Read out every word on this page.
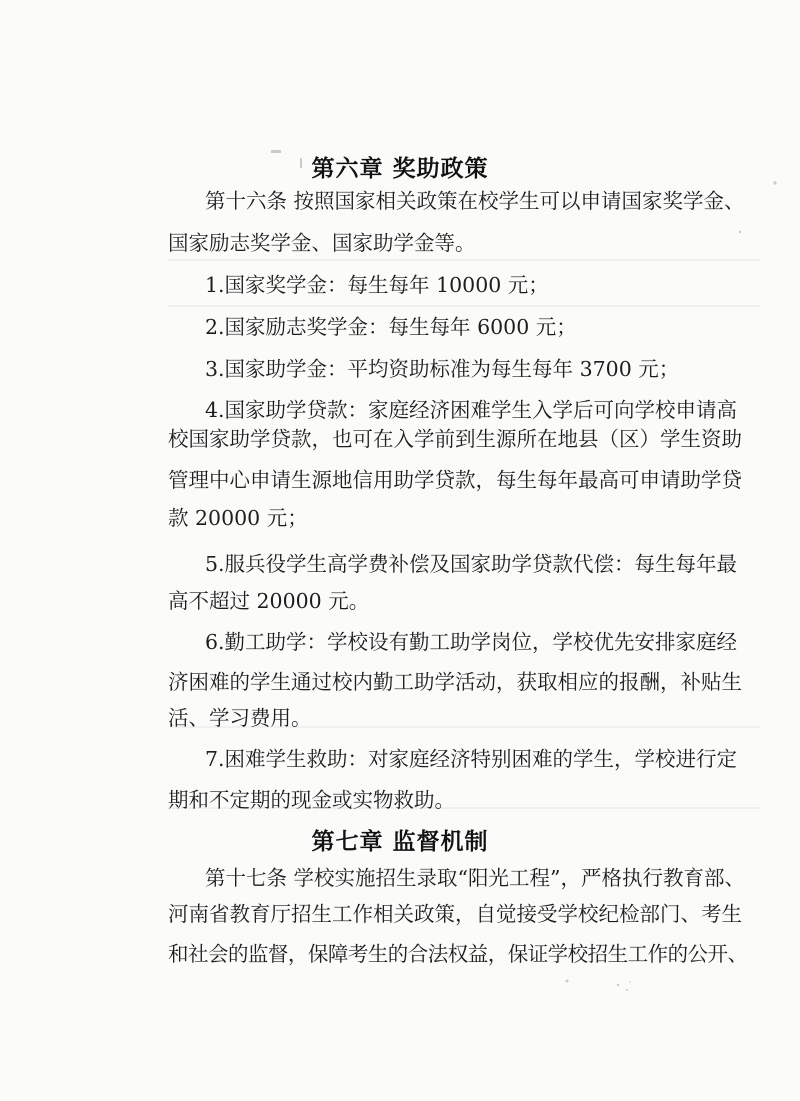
第六章 奖助政策
第十六条 按照国家相关政策在校学生可以申请国家奖学金、
国家励志奖学金、国家助学金等。
1.国家奖学金：每生每年 10000 元；
2.国家励志奖学金：每生每年 6000 元；
3.国家助学金：平均资助标准为每生每年 3700 元；
4.国家助学贷款：家庭经济困难学生入学后可向学校申请高
校国家助学贷款，也可在入学前到生源所在地县（区）学生资助
管理中心申请生源地信用助学贷款，每生每年最高可申请助学贷
款 20000 元；
5.服兵役学生高学费补偿及国家助学贷款代偿：每生每年最
高不超过 20000 元。
6.勤工助学：学校设有勤工助学岗位，学校优先安排家庭经
济困难的学生通过校内勤工助学活动，获取相应的报酬，补贴生
活、学习费用。
7.困难学生救助：对家庭经济特别困难的学生，学校进行定
期和不定期的现金或实物救助。
第七章 监督机制
第十七条 学校实施招生录取“阳光工程”，严格执行教育部、
河南省教育厅招生工作相关政策，自觉接受学校纪检部门、考生
和社会的监督，保障考生的合法权益，保证学校招生工作的公开、
